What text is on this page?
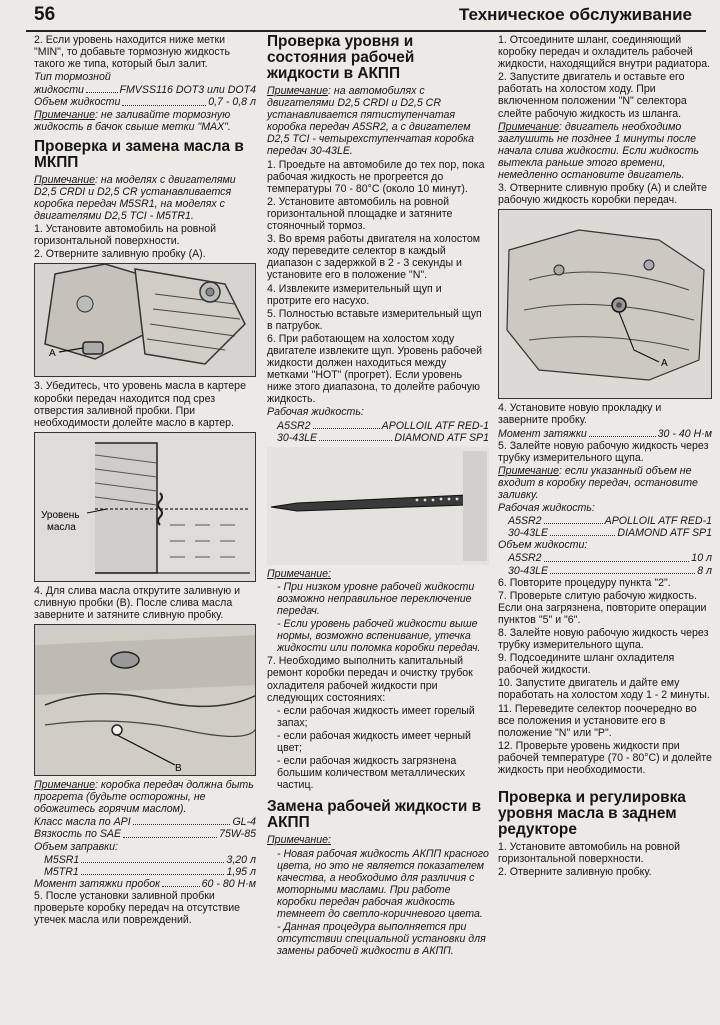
56	Техническое обслуживание

2. Если уровень находится ниже метки "MIN", то добавьте тормозную жидкость такого же типа, который был залит.

Тип тормозной

жидкости	FMVSS116 DOT3 или DOT4
Объем жидкости	0,7 - 0,8 л

Примечание: не заливайте тормозную жидкость в бачок свыше метки "MAX".

Проверка и замена масла в МКПП

Примечание: на моделях с двигателями D2,5 CRDI и D2,5 CR устанавливается коробка передач M5SR1, на моделях с двигателями D2,5 TCI - M5TR1.

1. Установите автомобиль на ровной горизонтальной поверхности.

2. Отверните заливную пробку (А).

A

3. Убедитесь, что уровень масла в картере коробки передач находится под срез отверстия заливной пробки. При необходимости долейте масло в картер.

Уровень
масла

4. Для слива масла открутите заливную и сливную пробки (В). После слива масла заверните и затяните сливную пробку.

B

Примечание: коробка передач должна быть прогрета (будьте осторожны, не обожгитесь горячим маслом).

Класс масла по API	GL-4
Вязкость по SAE	75W-85

Объем заправки:

M5SR1	3,20 л
M5TR1	1,95 л
Момент затяжки пробок	60 - 80 Н·м

5. После установки заливной пробки проверьте коробку передач на отсутствие утечек масла или повреждений.

Проверка уровня и состояния рабочей жидкости в АКПП

Примечание: на автомобилях с двигателями D2,5 CRDI и D2,5 CR устанавливается пятиступенчатая коробка передач A5SR2, а с двигателем D2,5 TCI - четырехступенчатая коробка передач 30-43LE.

1. Проедьте на автомобиле до тех пор, пока рабочая жидкость не прогреется до температуры 70 - 80°С (около 10 минут).

2. Установите автомобиль на ровной горизонтальной площадке и затяните стояночный тормоз.

3. Во время работы двигателя на холостом ходу переведите селектор в каждый диапазон с задержкой в 2 - 3 секунды и установите его в положение "N".

4. Извлеките измерительный щуп и протрите его насухо.

5. Полностью вставьте измерительный щуп в патрубок.

6. При работающем на холостом ходу двигателе извлеките щуп. Уровень рабочей жидкости должен находиться между метками "НОТ" (прогрет). Если уровень ниже этого диапазона, то долейте рабочую жидкость.

Рабочая жидкость:

A5SR2	APOLLOIL ATF RED-1
30-43LE	DIAMOND ATF SP1

Примечание:

- При низком уровне рабочей жидкости возможно неправильное переключение передач.

- Если уровень рабочей жидкости выше нормы, возможно вспенивание, утечка жидкости или поломка коробки передач.

7. Необходимо выполнить капитальный ремонт коробки передач и очистку трубок охладителя рабочей жидкости при следующих состояниях:

- если рабочая жидкость имеет горелый запах;

- если рабочая жидкость имеет черный цвет;

- если рабочая жидкость загрязнена большим количеством металлических частиц.

Замена рабочей жидкости в АКПП

Примечание:

- Новая рабочая жидкость АКПП красного цвета, но это не является показателем качества, а необходимо для различия с моторными маслами. При работе коробки передач рабочая жидкость темнеет до светло-коричневого цвета.

- Данная процедура выполняется при отсутствии специальной установки для замены рабочей жидкости в АКПП.

1. Отсоедините шланг, соединяющий коробку передач и охладитель рабочей жидкости, находящийся внутри радиатора.

2. Запустите двигатель и оставьте его работать на холостом ходу. При включенном положении "N" селектора слейте рабочую жидкость из шланга.

Примечание: двигатель необходимо заглушить не позднее 1 минуты после начала слива жидкости. Если жидкость вытекла раньше этого времени, немедленно остановите двигатель.

3. Отверните сливную пробку (А) и слейте рабочую жидкость коробки передач.

A

4. Установите новую прокладку и заверните пробку.

Момент затяжки	30 - 40 Н·м

5. Залейте новую рабочую жидкость через трубку измерительного щупа.

Примечание: если указанный объем не входит в коробку передач, остановите заливку.

Рабочая жидкость:

A5SR2	APOLLOIL ATF RED-1
30-43LE	DIAMOND ATF SP1

Объем жидкости:

A5SR2	10 л
30-43LE	8 л

6. Повторите процедуру пункта "2".

7. Проверьте слитую рабочую жидкость. Если она загрязнена, повторите операции пунктов "5" и "6".

8. Залейте новую рабочую жидкость через трубку измерительного щупа.

9. Подсоедините шланг охладителя рабочей жидкости.

10. Запустите двигатель и дайте ему поработать на холостом ходу 1 - 2 минуты.

11. Переведите селектор поочередно во все положения и установите его в положение "N" или "Р".

12. Проверьте уровень жидкости при рабочей температуре (70 - 80°С) и долейте жидкость при необходимости.

Проверка и регулировка уровня масла в заднем редукторе

1. Установите автомобиль на ровной горизонтальной поверхности.

2. Отверните заливную пробку.
